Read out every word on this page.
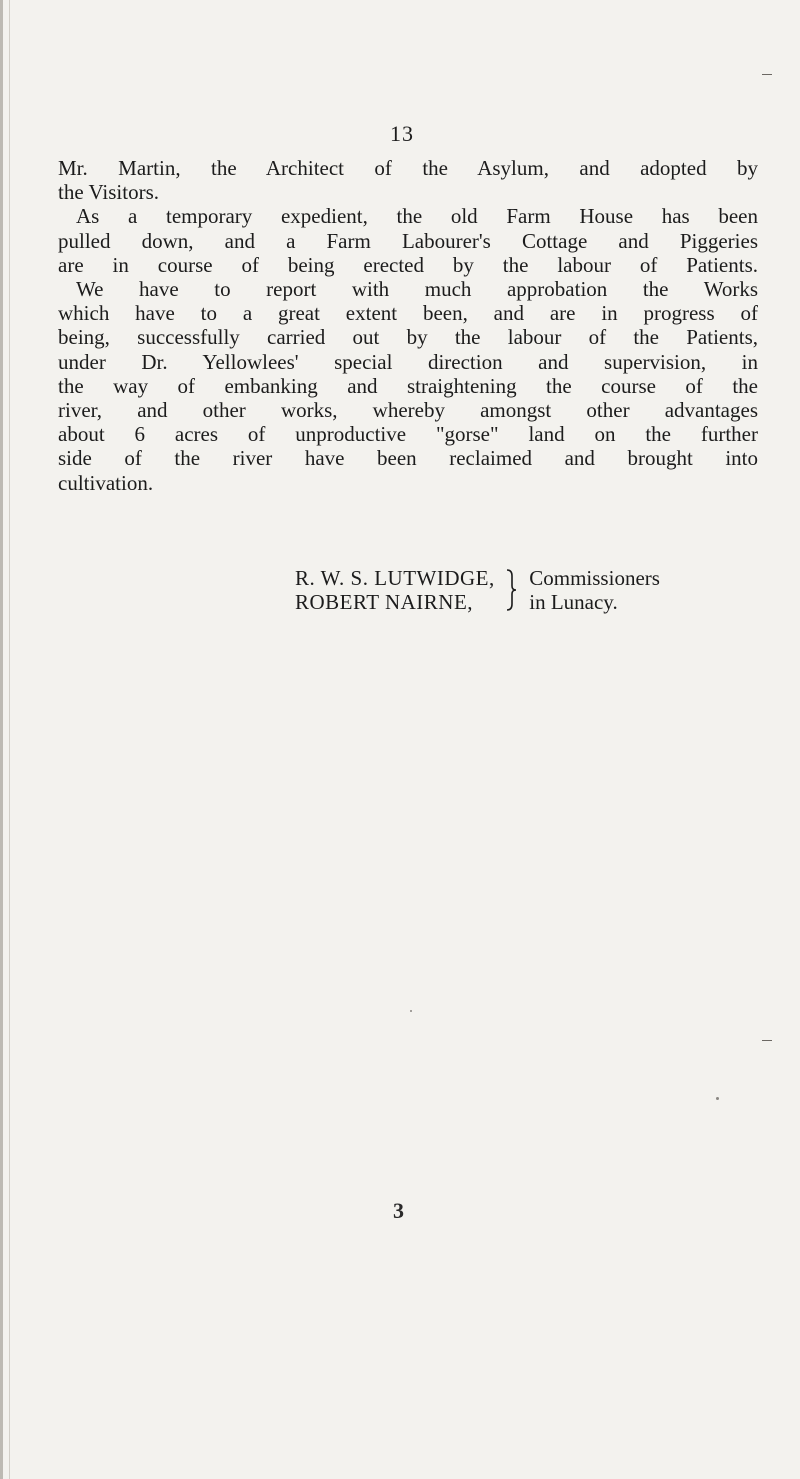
13

Mr. Martin, the Architect of the Asylum, and adopted by
the Visitors.

As a temporary expedient, the old Farm House has been
pulled down, and a Farm Labourer's Cottage and Piggeries
are in course of being erected by the labour of Patients.

We have to report with much approbation the Works
which have to a great extent been, and are in progress of
being, successfully carried out by the labour of the Patients,
under Dr. Yellowlees' special direction and supervision, in
the way of embanking and straightening the course of the
river, and other works, whereby amongst other advantages
about 6 acres of unproductive "gorse" land on the further
side of the river have been reclaimed and brought into
cultivation.

R. W. S. LUTWIDGE,
ROBERT NAIRNE,

Commissioners
in Lunacy.
3
